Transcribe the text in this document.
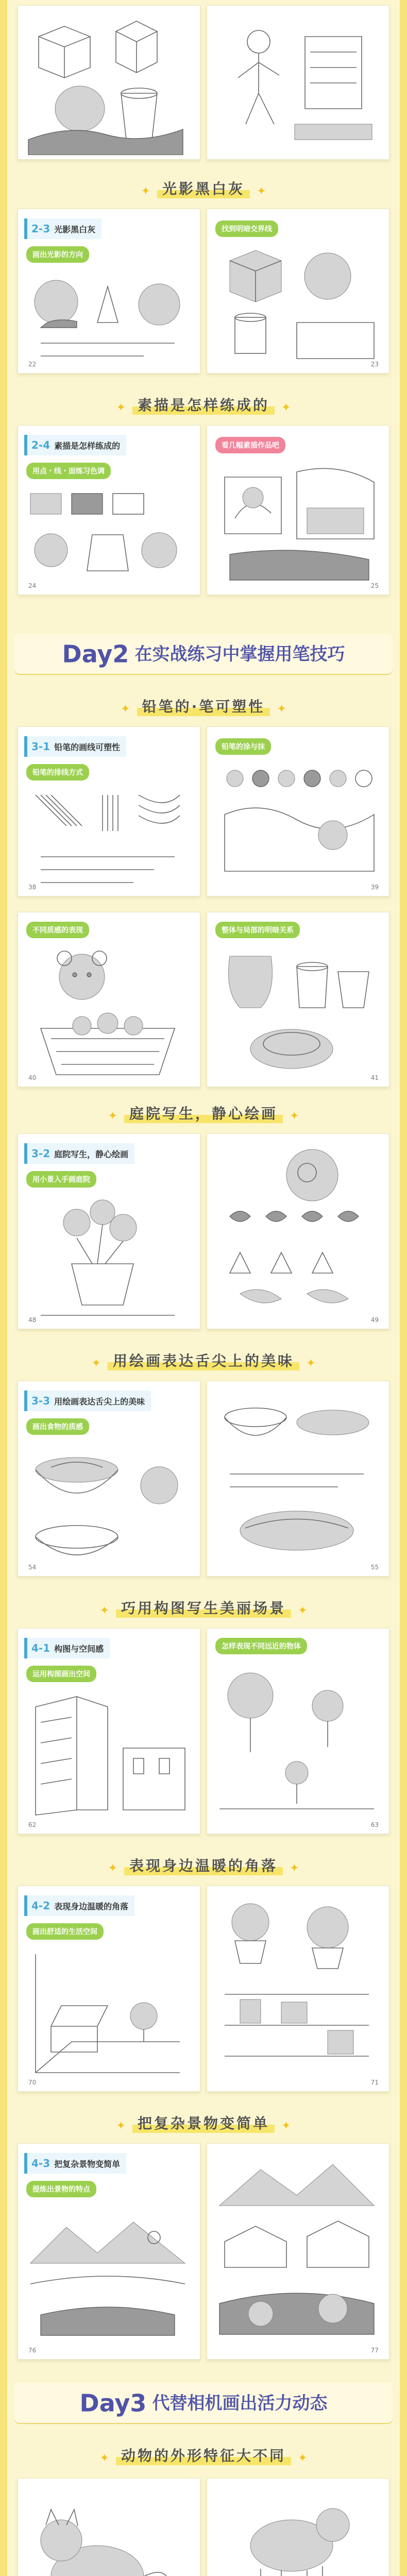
✦ 光影黑白灰 ✦
2-3 光影黑白灰
画出光影的方向
22
找到明暗交界线
23
✦ 素描是怎样练成的 ✦
2-4 素描是怎样练成的
用点・线・面练习色调
24
看几幅素描作品吧
25
Day2 在实战练习中掌握用笔技巧
✦ 铅笔的·笔可塑性 ✦
3-1 铅笔的画线可塑性
铅笔的排线方式
38
铅笔的涂与抹
39
不同质感的表现
40
整体与局部的明暗关系
41
✦ 庭院写生，静心绘画 ✦
3-2 庭院写生，静心绘画
用小景入手画庭院
48	49
✦ 用绘画表达舌尖上的美味 ✦
3-3 用绘画表达舌尖上的美味
画出食物的质感
54	55
✦ 巧用构图写生美丽场景 ✦
4-1 构图与空间感
运用构图画出空间
62
怎样表现不同远近的物体
63
✦ 表现身边温暖的角落 ✦
4-2 表现身边温暖的角落
画出舒适的生活空间
70	71
✦ 把复杂景物变简单 ✦
4-3 把复杂景物变简单
提炼出景物的特点
76	77
Day3 代替相机画出活力动态
✦ 动物的外形特征大不同 ✦
